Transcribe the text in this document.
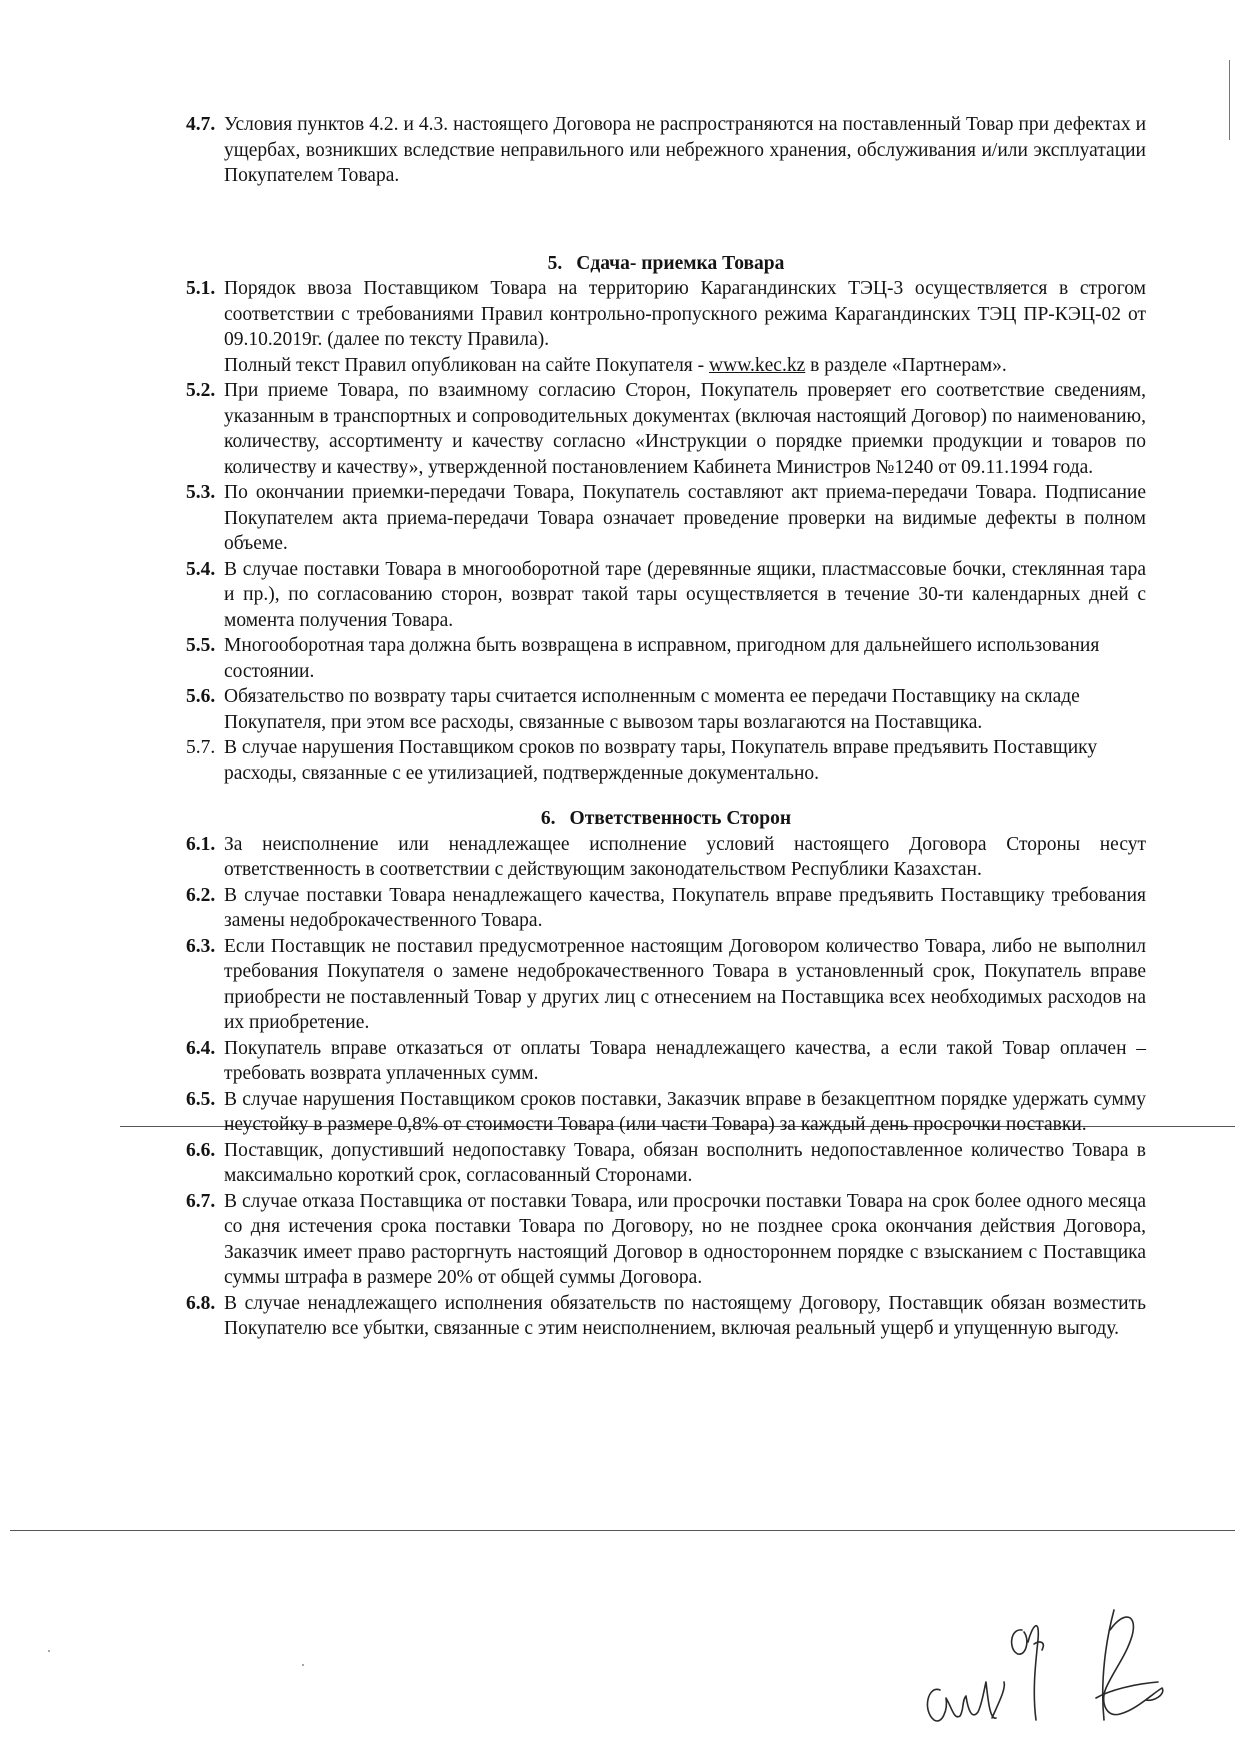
4.7. Условия пунктов 4.2. и 4.3. настоящего Договора не распространяются на поставленный Товар при дефектах и ущербах, возникших вследствие неправильного или небрежного хранения, обслуживания и/или эксплуатации Покупателем Товара.
5. Сдача- приемка Товара
5.1. Порядок ввоза Поставщиком Товара на территорию Карагандинских ТЭЦ-3 осуществляется в строгом соответствии с требованиями Правил контрольно-пропускного режима Карагандинских ТЭЦ ПР-КЭЦ-02 от 09.10.2019г. (далее по тексту Правила).
Полный текст Правил опубликован на сайте Покупателя - www.kec.kz в разделе «Партнерам».
5.2. При приеме Товара, по взаимному согласию Сторон, Покупатель проверяет его соответствие сведениям, указанным в транспортных и сопроводительных документах (включая настоящий Договор) по наименованию, количеству, ассортименту и качеству согласно «Инструкции о порядке приемки продукции и товаров по количеству и качеству», утвержденной постановлением Кабинета Министров №1240 от 09.11.1994 года.
5.3. По окончании приемки-передачи Товара, Покупатель составляют акт приема-передачи Товара. Подписание Покупателем акта приема-передачи Товара означает проведение проверки на видимые дефекты в полном объеме.
5.4. В случае поставки Товара в многооборотной таре (деревянные ящики, пластмассовые бочки, стеклянная тара и пр.), по согласованию сторон, возврат такой тары осуществляется в течение 30-ти календарных дней с момента получения Товара.
5.5. Многооборотная тара должна быть возвращена в исправном, пригодном для дальнейшего использования состоянии.
5.6. Обязательство по возврату тары считается исполненным с момента ее передачи Поставщику на складе Покупателя, при этом все расходы, связанные с вывозом тары возлагаются на Поставщика.
5.7. В случае нарушения Поставщиком сроков по возврату тары, Покупатель вправе предъявить Поставщику расходы, связанные с ее утилизацией, подтвержденные документально.
6. Ответственность Сторон
6.1. За неисполнение или ненадлежащее исполнение условий настоящего Договора Стороны несут ответственность в соответствии с действующим законодательством Республики Казахстан.
6.2. В случае поставки Товара ненадлежащего качества, Покупатель вправе предъявить Поставщику требования замены недоброкачественного Товара.
6.3. Если Поставщик не поставил предусмотренное настоящим Договором количество Товара, либо не выполнил требования Покупателя о замене недоброкачественного Товара в установленный срок, Покупатель вправе приобрести не поставленный Товар у других лиц с отнесением на Поставщика всех необходимых расходов на их приобретение.
6.4. Покупатель вправе отказаться от оплаты Товара ненадлежащего качества, а если такой Товар оплачен – требовать возврата уплаченных сумм.
6.5. В случае нарушения Поставщиком сроков поставки, Заказчик вправе в безакцептном порядке удержать сумму неустойку в размере 0,8% от стоимости Товара (или части Товара) за каждый день просрочки поставки.
6.6. Поставщик, допустивший недопоставку Товара, обязан восполнить недопоставленное количество Товара в максимально короткий срок, согласованный Сторонами.
6.7. В случае отказа Поставщика от поставки Товара, или просрочки поставки Товара на срок более одного месяца со дня истечения срока поставки Товара по Договору, но не позднее срока окончания действия Договора, Заказчик имеет право расторгнуть настоящий Договор в одностороннем порядке с взысканием с Поставщика суммы штрафа в размере 20% от общей суммы Договора.
6.8. В случае ненадлежащего исполнения обязательств по настоящему Договору, Поставщик обязан возместить Покупателю все убытки, связанные с этим неисполнением, включая реальный ущерб и упущенную выгоду.
